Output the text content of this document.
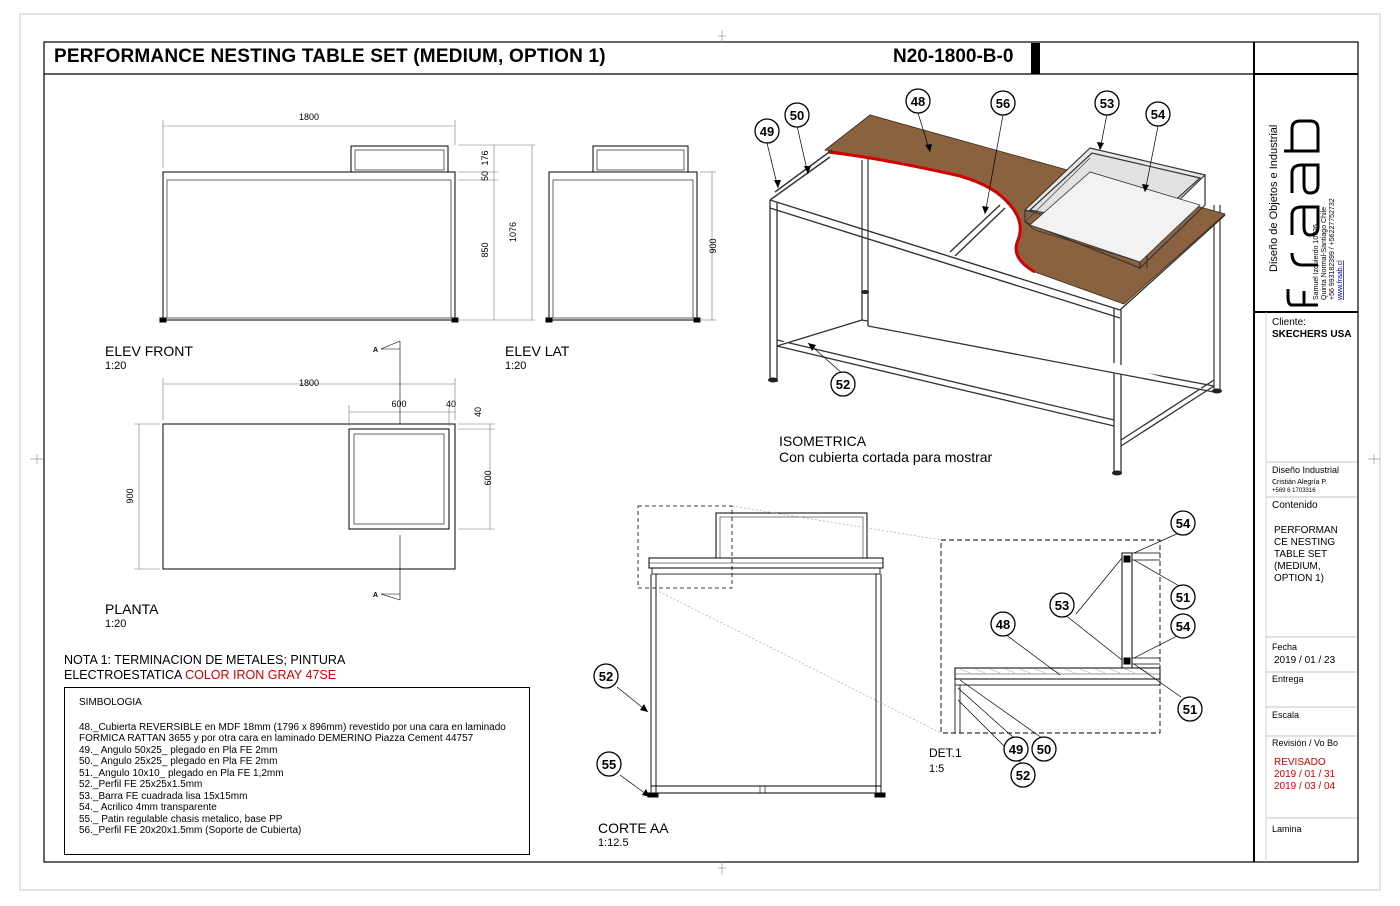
49
50
48	56	53
54
52
52
55
54
51
53
54
48
51
49 50
52
1800
176
50
850
1076
900
1800
600	40
40
600
900
A
A
Diseño de Objetos e Industrial	Samuel Izquierdo 10726 Quinta Normal-Santiago Chile +56 993182399 / +56227752732 www.fraab.cl
PERFORMANCE NESTING TABLE SET (MEDIUM, OPTION 1)	N20-1800-B-0
ELEV FRONT
1:20
ELEV LAT
1:20
PLANTA
1:20
ISOMETRICA
Con cubierta cortada para mostrar
CORTE AA
1:12.5
DET.1
1:5
NOTA 1: TERMINACION DE METALES; PINTURA ELECTROESTATICA COLOR IRON GRAY 47SE
SIMBOLOGIA
48._Cubierta REVERSIBLE en MDF 18mm (1796 x 896mm) revestido por una cara en laminado FORMICA RATTAN 3655 y por otra cara en laminado DEMERINO Piazza Cement 44757
49._ Angulo 50x25_ plegado en Pla FE 2mm
50._ Angulo 25x25_ plegado en Pla FE 2mm
51._Angulo 10x10_ plegado en Pla FE 1,2mm
52._Perfil FE 25x25x1.5mm
53._Barra FE cuadrada lisa 15x15mm
54._ Acrilico 4mm transparente
55._ Patin regulable chasis metalico, base PP
56._Perfil FE 20x20x1.5mm (Soporte de Cubierta)
Cliente:
SKECHERS USA
Diseño Industrial
Cristián Alegría P.
+569 6 1703316
Contenido
PERFORMAN
CE NESTING
TABLE SET
(MEDIUM,
OPTION 1)
Fecha
2019 / 01 / 23
Entrega
Escala
Revisión / Vo Bo
REVISADO
2019 / 01 / 31
2019 / 03 / 04
Lamina
